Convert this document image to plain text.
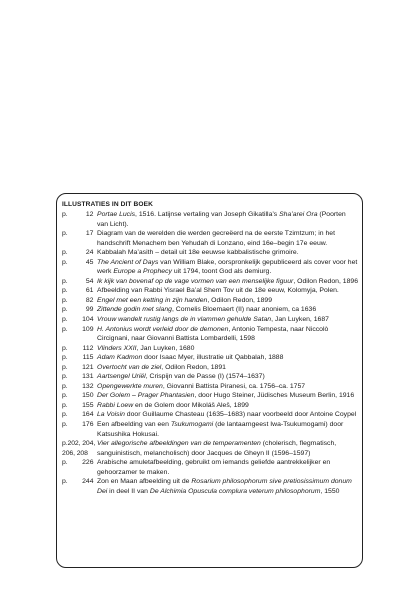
ILLUSTRATIES IN DIT BOEK
p.	12 Portae Lucis, 1516. Latijnse vertaling van Joseph Gikatilla’s Sha’arei Ora (Poorten van Licht).
p.	17 Diagram van de werelden die werden gecreëerd na de eerste Tzimtzum; in het handschrift Menachem ben Yehudah di Lonzano, eind 16e–begin 17e eeuw.
p.	24 Kabbalah Ma’asith – detail uit 18e eeuwse kabbalistische grimoire.
p.	45 The Ancient of Days van William Blake, oorspronkelijk gepubliceerd als cover voor het werk Europe a Prophecy uit 1794, toont God als demiurg.
p.	54 Ik kijk van bovenaf op de vage vormen van een menselijke figuur, Odilon Redon, 1896
p.	61 Afbeelding van Rabbi Yisrael Ba’al Shem Tov uit de 18e eeuw, Kolomyja, Polen.
p.	82 Engel met een ketting in zijn handen, Odilon Redon, 1899
p.	99 Zittende godin met slang, Cornelis Bloemaert (II) naar anoniem, ca 1636
p.	104 Vrouw wandelt rustig langs de in vlammen gehulde Satan, Jan Luyken, 1687
p.	109 H. Antonius wordt verleid door de demonen, Antonio Tempesta, naar Niccolò Circignani, naar Giovanni Battista Lombardelli, 1598
p.	112 Vlinders XXII, Jan Luyken, 1680
p.	115 Adam Kadmon door Isaac Myer, illustratie uit Qabbalah, 1888
p.	121 Overtocht van de ziel, Odilon Redon, 1891
p.	131 Aartsengel Uriël, Crispijn van de Passe (I) (1574–1637)
p.	132 Opengewerkte muren, Giovanni Battista Piranesi, ca. 1756–ca. 1757
p.	150 Der Golem – Prager Phantasien, door Hugo Steiner, Jüdisches Museum Berlin, 1916
p.	155 Rabbi Loew en de Golem door Mikoláš Aleš, 1899
p.	164 La Voisin door Guillaume Chasteau (1635–1683) naar voorbeeld door Antoine Coypel
p.	176 Een afbeelding van een Tsukumogami (de lantaarngeest Iwa-Tsukumogami) door Katsushika Hokusai.
p.202, 204, 206, 208
Vier allegorische afbeeldingen van de temperamenten (cholerisch, flegmatisch, sanguinistisch, melancholisch) door Jacques de Gheyn II (1596–1597)
p.	226 Arabische amuletafbeelding, gebruikt om iemands geliefde aantrekkelijker en gehoorzamer te maken.
p.	244 Zon en Maan afbeelding uit de Rosarium philosophorum sive pretiosissimum donum Dei in deel II van De Alchimia Opuscula complura veterum philosophorum, 1550
